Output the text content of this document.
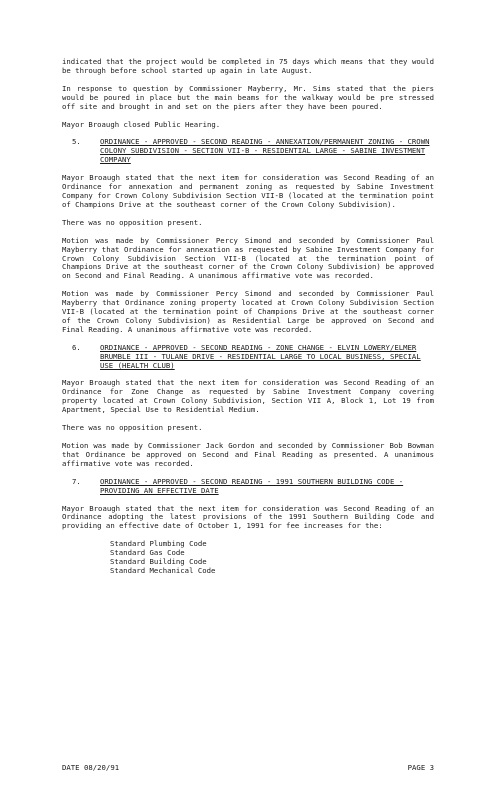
indicated that the project would be completed in 75 days which means that they would be through before school started up again in late August.

In response to question by Commissioner Mayberry, Mr. Sims stated that the piers would be poured in place but the main beams for the walkway would be pre stressed off site and brought in and set on the piers after they have been poured.

Mayor Broaugh closed Public Hearing.

5.	ORDINANCE - APPROVED - SECOND READING - ANNEXATION/PERMANENT ZONING - CROWN COLONY SUBDIVISION - SECTION VII-B - RESIDENTIAL LARGE - SABINE INVESTMENT COMPANY

Mayor Broaugh stated that the next item for consideration was Second Reading of an Ordinance for annexation and permanent zoning as requested by Sabine Investment Company for Crown Colony Subdivision Section VII-B (located at the termination point of Champions Drive at the southeast corner of the Crown Colony Subdivision).

There was no opposition present.

Motion was made by Commissioner Percy Simond and seconded by Commissioner Paul Mayberry that Ordinance for annexation as requested by Sabine Investment Company for Crown Colony Subdivision Section VII-B (located at the termination point of Champions Drive at the southeast corner of the Crown Colony Subdivision) be approved on Second and Final Reading. A unanimous affirmative vote was recorded.

Motion was made by Commissioner Percy Simond and seconded by Commissioner Paul Mayberry that Ordinance zoning property located at Crown Colony Subdivision Section VII-B (located at the termination point of Champions Drive at the southeast corner of the Crown Colony Subdivision) as Residential Large be approved on Second and Final Reading. A unanimous affirmative vote was recorded.

6.	ORDINANCE - APPROVED - SECOND READING - ZONE CHANGE - ELVIN LOWERY/ELMER BRUMBLE III - TULANE DRIVE - RESIDENTIAL LARGE TO LOCAL BUSINESS, SPECIAL USE (HEALTH CLUB)

Mayor Broaugh stated that the next item for consideration was Second Reading of an Ordinance for Zone Change as requested by Sabine Investment Company covering property located at Crown Colony Subdivision, Section VII A, Block 1, Lot 19 from Apartment, Special Use to Residential Medium.

There was no opposition present.

Motion was made by Commissioner Jack Gordon and seconded by Commissioner Bob Bowman that Ordinance be approved on Second and Final Reading as presented. A unanimous affirmative vote was recorded.

7.	ORDINANCE - APPROVED - SECOND READING - 1991 SOUTHERN BUILDING CODE - PROVIDING AN EFFECTIVE DATE

Mayor Broaugh stated that the next item for consideration was Second Reading of an Ordinance adopting the latest provisions of the 1991 Southern Building Code and providing an effective date of October 1, 1991 for fee increases for the:

Standard Plumbing Code
Standard Gas Code
Standard Building Code
Standard Mechanical Code
DATE 08/20/91	PAGE 3
